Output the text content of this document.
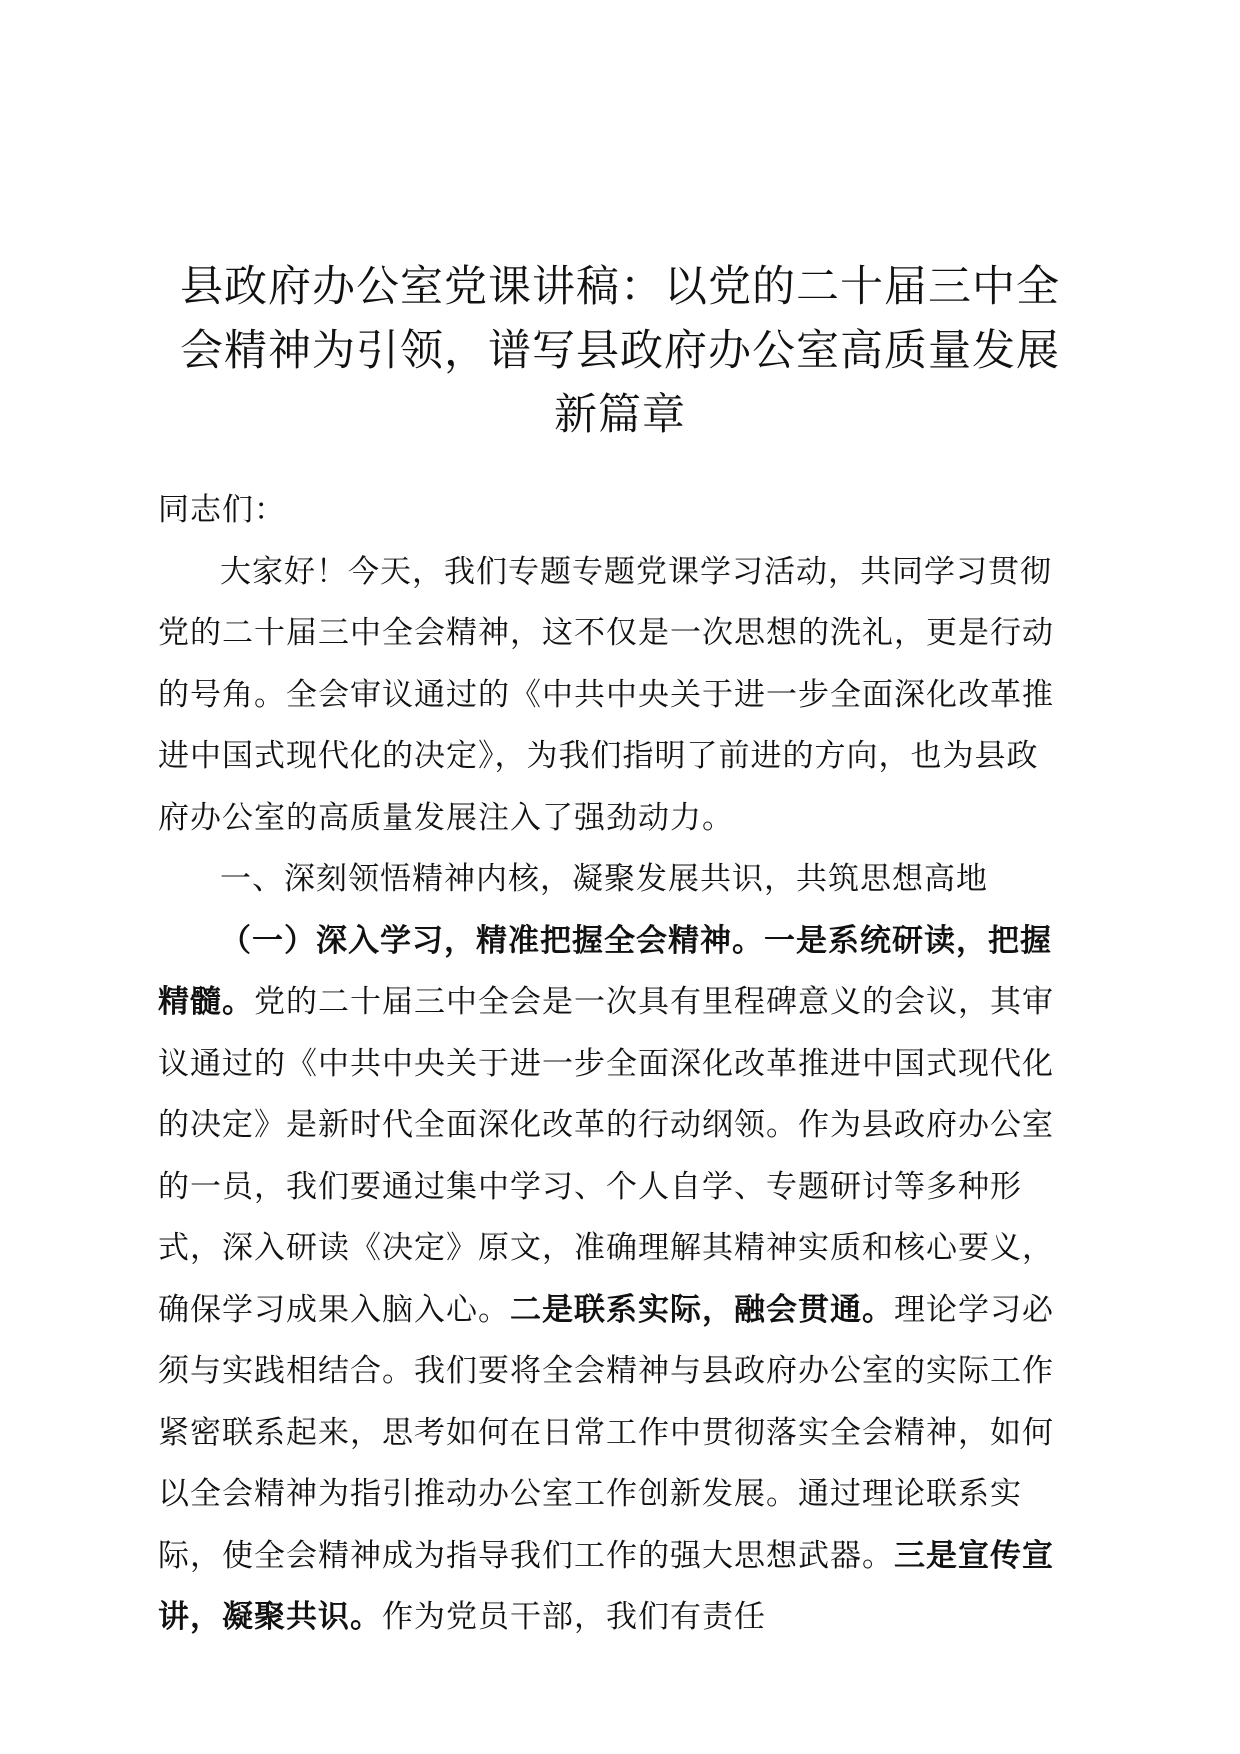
县政府办公室党课讲稿：以党的二十届三中全
会精神为引领，谱写县政府办公室高质量发展
新篇章

同志们：

大家好！今天，我们专题专题党课学习活动，共同学习贯彻党的二十届三中全会精神，这不仅是一次思想的洗礼，更是行动的号角。全会审议通过的《中共中央关于进一步全面深化改革推进中国式现代化的决定》，为我们指明了前进的方向，也为县政府办公室的高质量发展注入了强劲动力。

一、深刻领悟精神内核，凝聚发展共识，共筑思想高地

（一）深入学习，精准把握全会精神。一是系统研读，把握精髓。党的二十届三中全会是一次具有里程碑意义的会议，其审议通过的《中共中央关于进一步全面深化改革推进中国式现代化的决定》是新时代全面深化改革的行动纲领。作为县政府办公室的一员，我们要通过集中学习、个人自学、专题研讨等多种形式，深入研读《决定》原文，准确理解其精神实质和核心要义，确保学习成果入脑入心。二是联系实际，融会贯通。理论学习必须与实践相结合。我们要将全会精神与县政府办公室的实际工作紧密联系起来，思考如何在日常工作中贯彻落实全会精神，如何以全会精神为指引推动办公室工作创新发展。通过理论联系实际，使全会精神成为指导我们工作的强大思想武器。三是宣传宣讲，凝聚共识。作为党员干部，我们有责任
